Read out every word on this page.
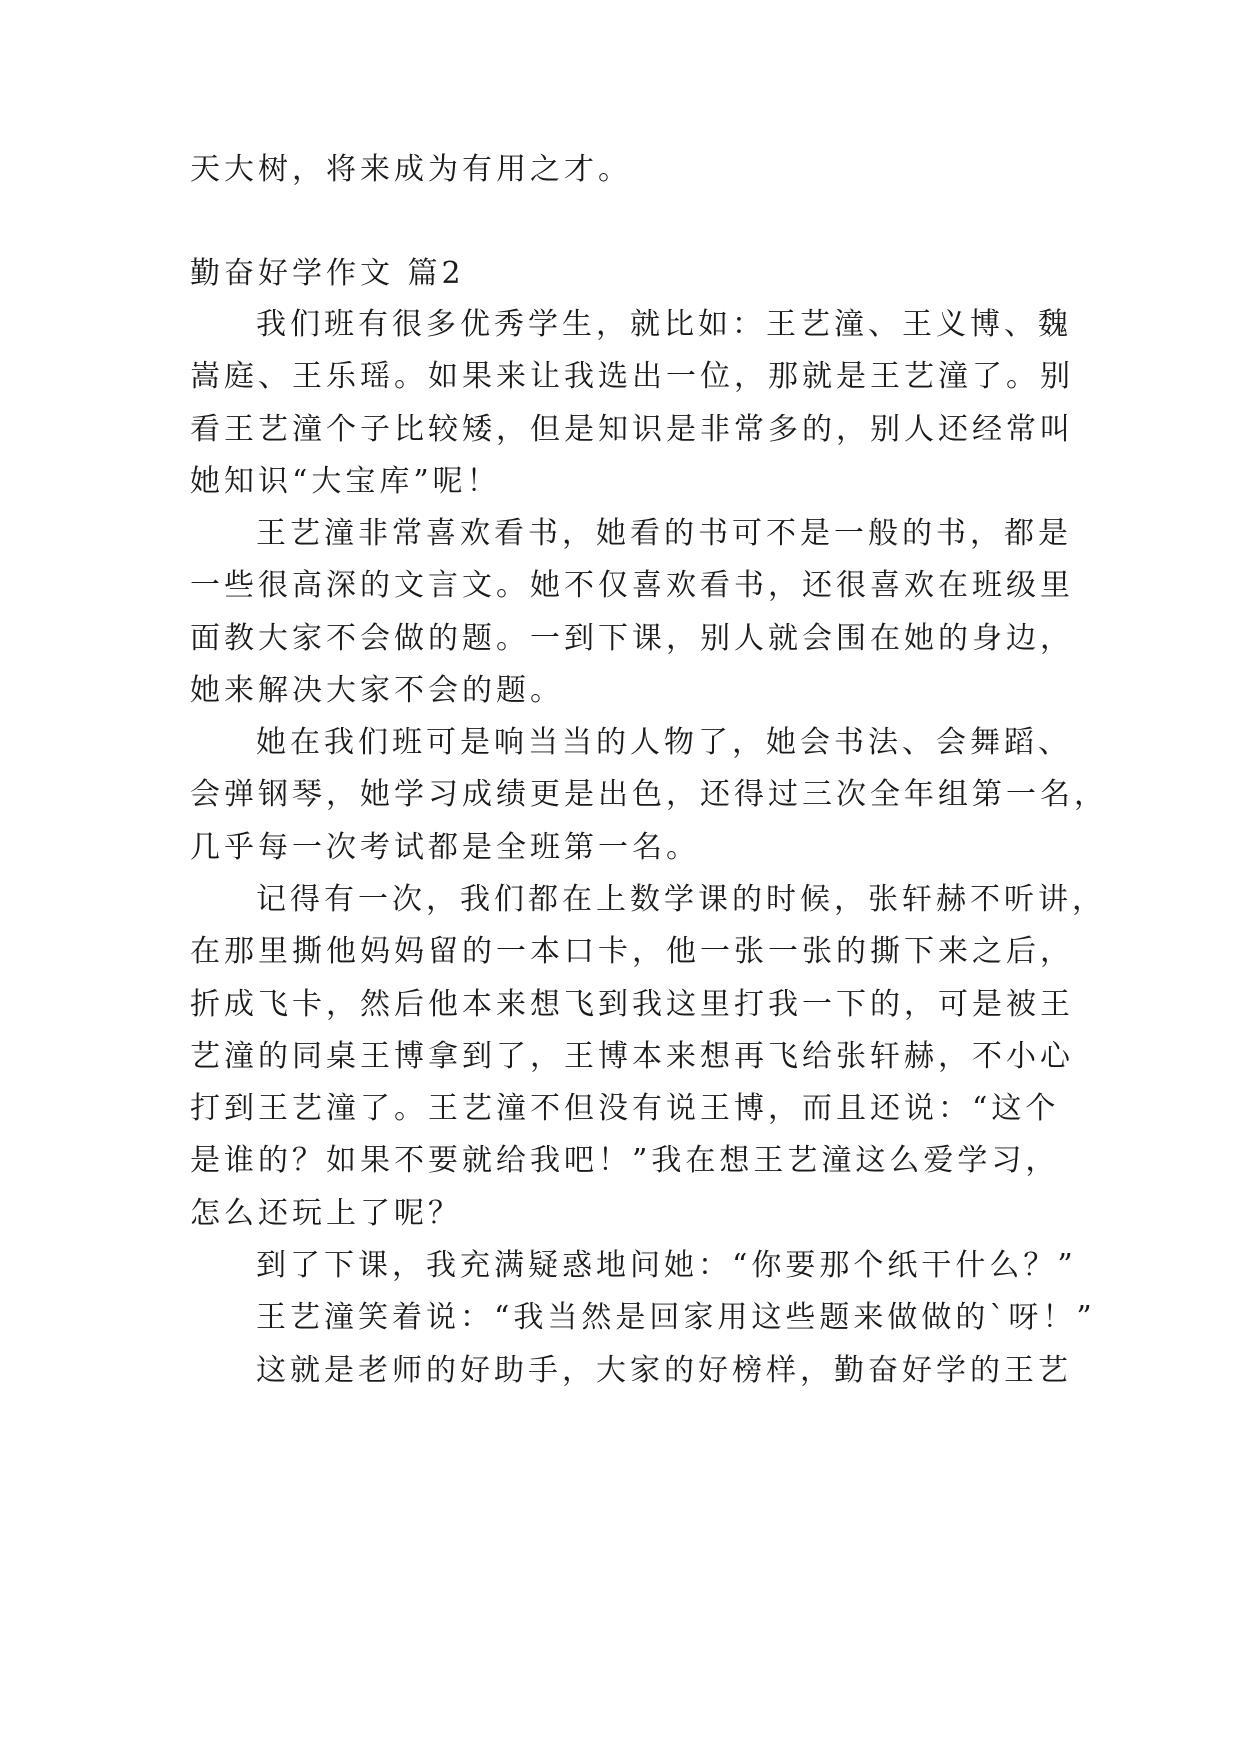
天大树，将来成为有用之才。
勤奋好学作文 篇2
我们班有很多优秀学生，就比如：王艺潼、王义博、魏
嵩庭、王乐瑶。如果来让我选出一位，那就是王艺潼了。别
看王艺潼个子比较矮，但是知识是非常多的，别人还经常叫
她知识“大宝库”呢！
王艺潼非常喜欢看书，她看的书可不是一般的书，都是
一些很高深的文言文。她不仅喜欢看书，还很喜欢在班级里
面教大家不会做的题。一到下课，别人就会围在她的身边，
她来解决大家不会的题。
她在我们班可是响当当的人物了，她会书法、会舞蹈、
会弹钢琴，她学习成绩更是出色，还得过三次全年组第一名，
几乎每一次考试都是全班第一名。
记得有一次，我们都在上数学课的时候，张轩赫不听讲，
在那里撕他妈妈留的一本口卡，他一张一张的撕下来之后，
折成飞卡，然后他本来想飞到我这里打我一下的，可是被王
艺潼的同桌王博拿到了，王博本来想再飞给张轩赫，不小心
打到王艺潼了。王艺潼不但没有说王博，而且还说：“这个
是谁的？如果不要就给我吧！”我在想王艺潼这么爱学习，
怎么还玩上了呢？
到了下课，我充满疑惑地问她：“你要那个纸干什么？”
王艺潼笑着说：“我当然是回家用这些题来做做的`呀！”
这就是老师的好助手，大家的好榜样，勤奋好学的王艺
